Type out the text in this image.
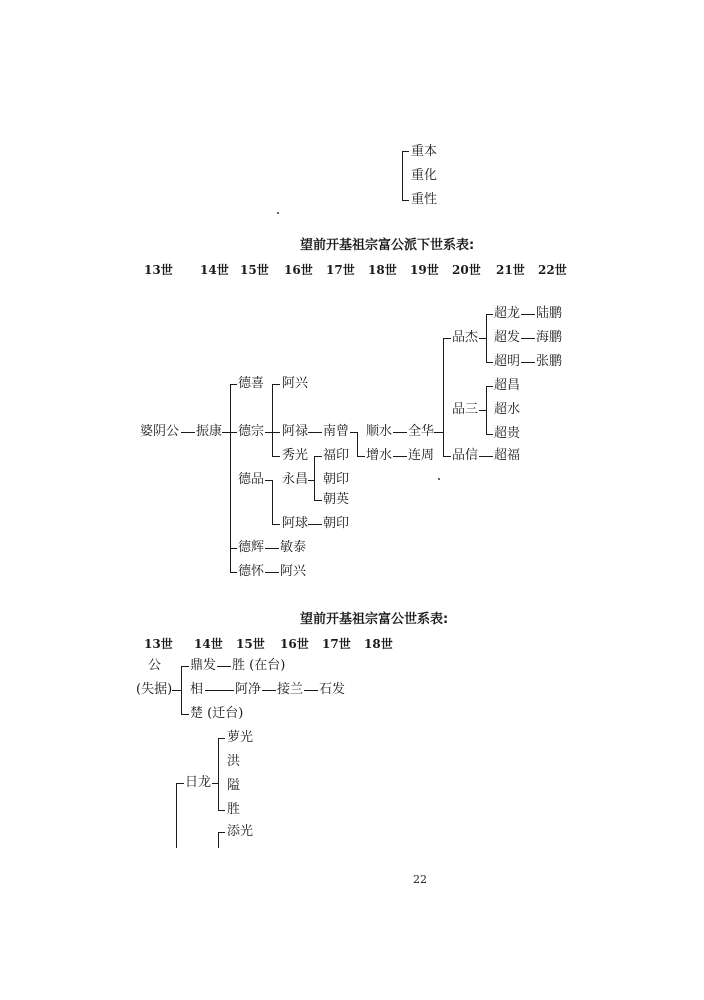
重本
重化
重性
望前开基祖宗富公派下世系表:
13世 14世 15世 16世 17世 18世 19世 20世 21世 22世
婆阴公 振康
德喜
德宗
德品
德辉
德怀
阿兴
阿禄
秀光
永昌
阿球 朝印
敏泰
阿兴
南曾
福印
朝印
朝英
顺水
增水
全华
连周
品杰
品三
品信
超龙
超发
超明
陆鹏
海鹏
张鹏
超昌
超水
超贵
超福
望前开基祖宗富公世系表:
13世 14世 15世 16世 17世 18世
公
(失据)
鼎发 胜 (在台)
相 阿净 接兰 石发
楚 (迁台)
日龙
萝光
洪
隘
胜
添光
22
